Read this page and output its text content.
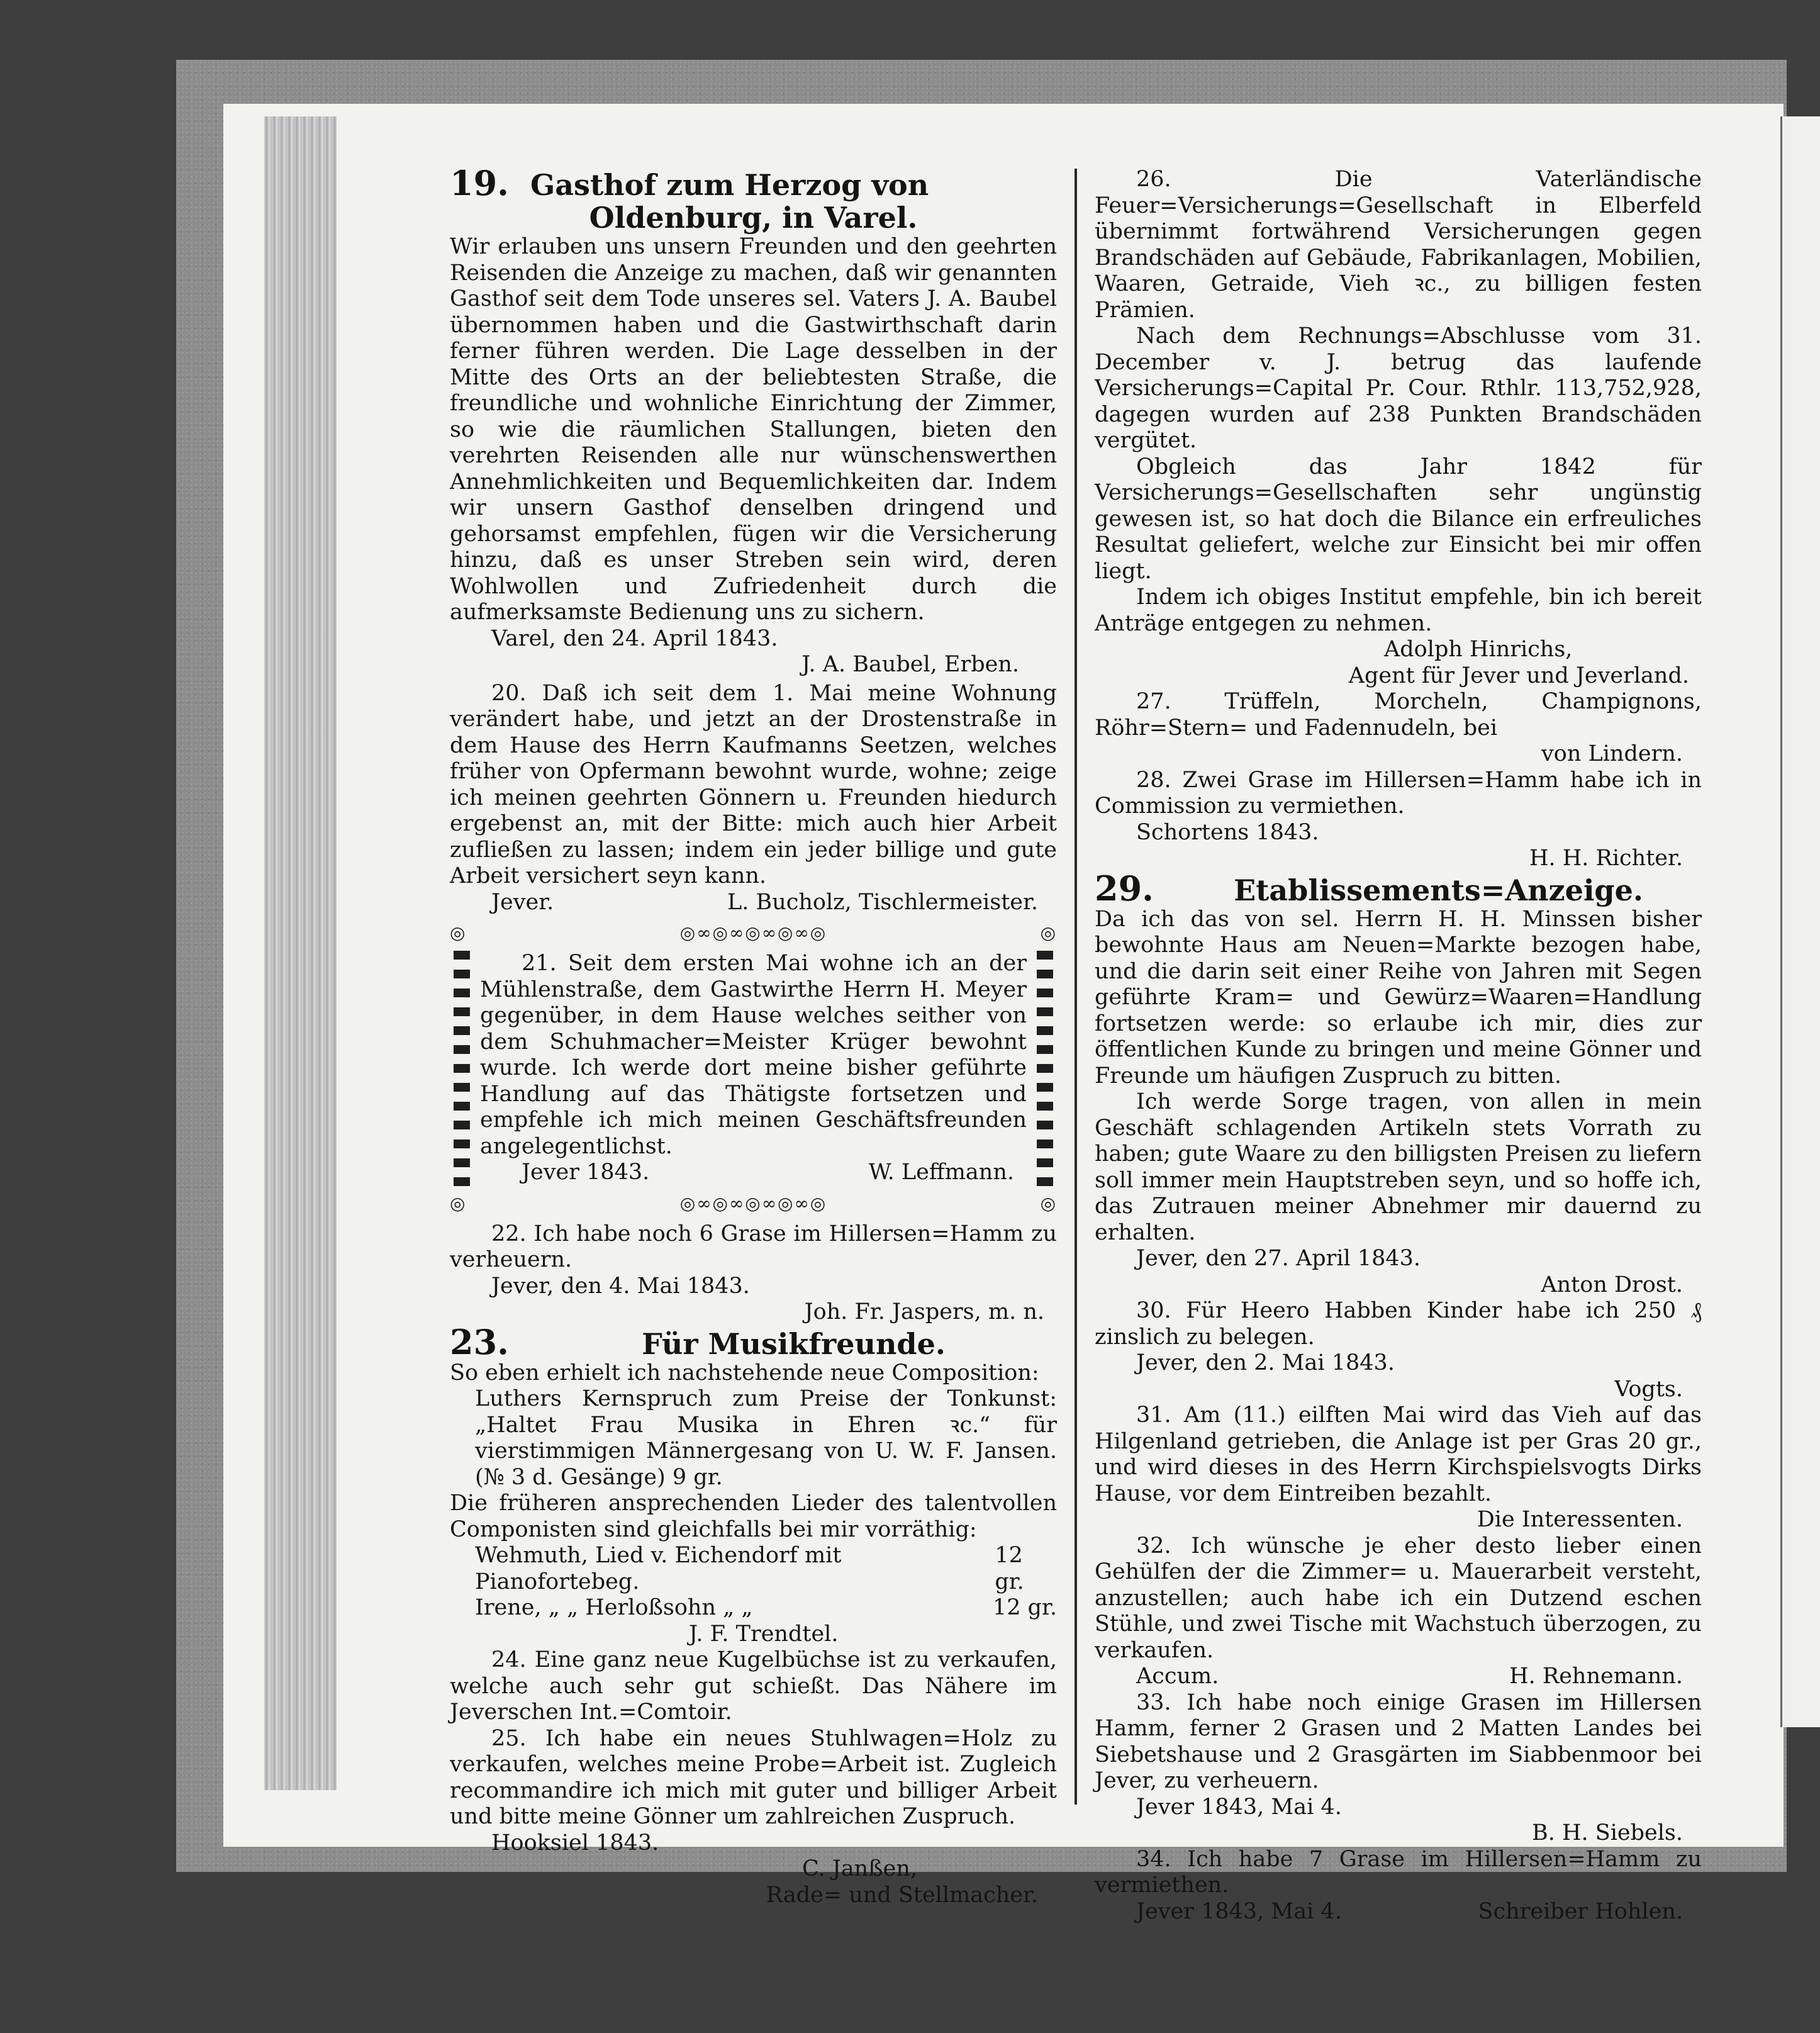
19. Gasthof zum Herzog von

Oldenburg, in Varel.

Wir erlauben uns unsern Freunden und den geehrten Reisenden die Anzeige zu machen, daß wir genannten Gasthof seit dem Tode unseres sel. Vaters J. A. Baubel übernommen haben und die Gastwirthschaft darin ferner führen werden. Die Lage desselben in der Mitte des Orts an der beliebtesten Straße, die freundliche und wohnliche Einrichtung der Zimmer, so wie die räumlichen Stallungen, bieten den verehrten Reisenden alle nur wünschenswerthen Annehmlichkeiten und Bequemlichkeiten dar. Indem wir unsern Gasthof denselben dringend und gehorsamst empfehlen, fügen wir die Versicherung hinzu, daß es unser Streben sein wird, deren Wohlwollen und Zufriedenheit durch die aufmerksamste Bedienung uns zu sichern.

Varel, den 24. April 1843.

J. A. Baubel, Erben.

20. Daß ich seit dem 1. Mai meine Wohnung verändert habe, und jetzt an der Drostenstraße in dem Hause des Herrn Kaufmanns Seetzen, welches früher von Opfermann bewohnt wurde, wohne; zeige ich meinen geehrten Gönnern u. Freunden hiedurch ergebenst an, mit der Bitte: mich auch hier Arbeit zufließen zu lassen; indem ein jeder billige und gute Arbeit versichert seyn kann.

Jever.	L. Bucholz, Tischlermeister.
◎	◎∞◎∞◎∞◎∞◎	◎

21. Seit dem ersten Mai wohne ich an der Mühlenstraße, dem Gastwirthe Herrn H. Meyer gegenüber, in dem Hause welches seither von dem Schuhmacher=Meister Krüger bewohnt wurde. Ich werde dort meine bisher geführte Handlung auf das Thätigste fortsetzen und empfehle ich mich meinen Geschäftsfreunden angelegentlichst.

Jever 1843.	W. Leffmann.
◎	◎∞◎∞◎∞◎∞◎	◎

22. Ich habe noch 6 Grase im Hillersen=Hamm zu verheuern.

Jever, den 4. Mai 1843.

Joh. Fr. Jaspers, m. n.

23.	Für Musikfreunde.

So eben erhielt ich nachstehende neue Composition:

Luthers Kernspruch zum Preise der Tonkunst: „Haltet Frau Musika in Ehren ꝛc.“ für vierstimmigen Männergesang von U. W. F. Jansen. (№ 3 d. Gesänge) 9 gr.

Die früheren ansprechenden Lieder des talentvollen Componisten sind gleichfalls bei mir vorräthig:

Wehmuth, Lied v. Eichendorf mit Pianofortebeg.
12 gr.
Irene, „ „ Herloßsohn „ „	12 gr.

J. F. Trendtel.

24. Eine ganz neue Kugelbüchse ist zu verkaufen, welche auch sehr gut schießt. Das Nähere im Jeverschen Int.=Comtoir.

25. Ich habe ein neues Stuhlwagen=Holz zu verkaufen, welches meine Probe=Arbeit ist. Zugleich recommandire ich mich mit guter und billiger Arbeit und bitte meine Gönner um zahlreichen Zuspruch.

Hooksiel 1843.

C. Janßen,

Rade= und Stellmacher.

26. Die Vaterländische Feuer=Versicherungs=Gesellschaft in Elberfeld übernimmt fortwährend Versicherungen gegen Brandschäden auf Gebäude, Fabrikanlagen, Mobilien, Waaren, Getraide, Vieh ꝛc., zu billigen festen Prämien.

Nach dem Rechnungs=Abschlusse vom 31. December v. J. betrug das laufende Versicherungs=Capital Pr. Cour. Rthlr. 113,752,928, dagegen wurden auf 238 Punkten Brandschäden vergütet.

Obgleich das Jahr 1842 für Versicherungs=Gesellschaften sehr ungünstig gewesen ist, so hat doch die Bilance ein erfreuliches Resultat geliefert, welche zur Einsicht bei mir offen liegt.

Indem ich obiges Institut empfehle, bin ich bereit Anträge entgegen zu nehmen.

Adolph Hinrichs,

Agent für Jever und Jeverland.

27. Trüffeln, Morcheln, Champignons, Röhr=Stern= und Fadennudeln, bei

von Lindern.

28. Zwei Grase im Hillersen=Hamm habe ich in Commission zu vermiethen.

Schortens 1843.

H. H. Richter.

29.	Etablissements=Anzeige.

Da ich das von sel. Herrn H. H. Minssen bisher bewohnte Haus am Neuen=Markte bezogen habe, und die darin seit einer Reihe von Jahren mit Segen geführte Kram= und Gewürz=Waaren=Handlung fortsetzen werde: so erlaube ich mir, dies zur öffentlichen Kunde zu bringen und meine Gönner und Freunde um häufigen Zuspruch zu bitten.

Ich werde Sorge tragen, von allen in mein Geschäft schlagenden Artikeln stets Vorrath zu haben; gute Waare zu den billigsten Preisen zu liefern soll immer mein Hauptstreben seyn, und so hoffe ich, das Zutrauen meiner Abnehmer mir dauernd zu erhalten.

Jever, den 27. April 1843.

Anton Drost.

30. Für Heero Habben Kinder habe ich 250 ₰ zinslich zu belegen.

Jever, den 2. Mai 1843.

Vogts.

31. Am (11.) eilften Mai wird das Vieh auf das Hilgenland getrieben, die Anlage ist per Gras 20 gr., und wird dieses in des Herrn Kirchspielsvogts Dirks Hause, vor dem Eintreiben bezahlt.

Die Interessenten.

32. Ich wünsche je eher desto lieber einen Gehülfen der die Zimmer= u. Mauerarbeit versteht, anzustellen; auch habe ich ein Dutzend eschen Stühle, und zwei Tische mit Wachstuch überzogen, zu verkaufen.

Accum.	H. Rehnemann.

33. Ich habe noch einige Grasen im Hillersen Hamm, ferner 2 Grasen und 2 Matten Landes bei Siebetshause und 2 Grasgärten im Siabbenmoor bei Jever, zu verheuern.

Jever 1843, Mai 4.

B. H. Siebels.

34. Ich habe 7 Grase im Hillersen=Hamm zu vermiethen.

Jever 1843, Mai 4.	Schreiber Hohlen.
